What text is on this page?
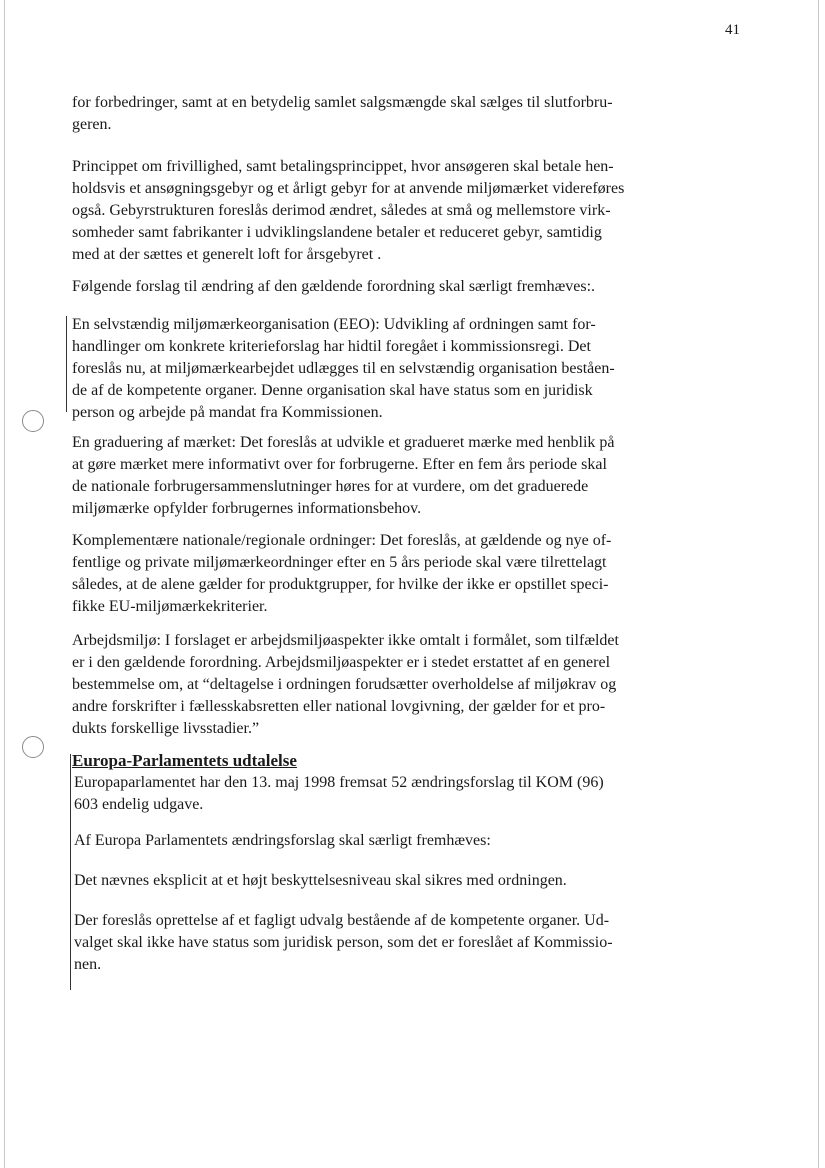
41

for forbedringer, samt at en betydelig samlet salgsmængde skal sælges til slutforbru-
geren.

Princippet om frivillighed, samt betalingsprincippet, hvor ansøgeren skal betale hen-
holdsvis et ansøgningsgebyr og et årligt gebyr for at anvende miljømærket videreføres
også. Gebyrstrukturen foreslås derimod ændret, således at små og mellemstore virk-
somheder samt fabrikanter i udviklingslandene betaler et reduceret gebyr, samtidig
med at der sættes et generelt loft for årsgebyret .

Følgende forslag til ændring af den gældende forordning skal særligt fremhæves:.

En selvstændig miljømærkeorganisation (EEO): Udvikling af ordningen samt for-
handlinger om konkrete kriterieforslag har hidtil foregået i kommissionsregi. Det
foreslås nu, at miljømærkearbejdet udlægges til en selvstændig organisation beståen-
de af de kompetente organer. Denne organisation skal have status som en juridisk
person og arbejde på mandat fra Kommissionen.

En graduering af mærket: Det foreslås at udvikle et gradueret mærke med henblik på
at gøre mærket mere informativt over for forbrugerne. Efter en fem års periode skal
de nationale forbrugersammenslutninger høres for at vurdere, om det graduerede
miljømærke opfylder forbrugernes informationsbehov.

Komplementære nationale/regionale ordninger: Det foreslås, at gældende og nye of-
fentlige og private miljømærkeordninger efter en 5 års periode skal være tilrettelagt
således, at de alene gælder for produktgrupper, for hvilke der ikke er opstillet speci-
fikke EU-miljømærkekriterier.

Arbejdsmiljø: I forslaget er arbejdsmiljøaspekter ikke omtalt i formålet, som tilfældet
er i den gældende forordning. Arbejdsmiljøaspekter er i stedet erstattet af en generel
bestemmelse om, at “deltagelse i ordningen forudsætter overholdelse af miljøkrav og
andre forskrifter i fællesskabsretten eller national lovgivning, der gælder for et pro-
dukts forskellige livsstadier.”

Europa-Parlamentets udtalelse

Europaparlamentet har den 13. maj 1998 fremsat 52 ændringsforslag til KOM (96)
603 endelig udgave.

Af Europa Parlamentets ændringsforslag skal særligt fremhæves:

Det nævnes eksplicit at et højt beskyttelsesniveau skal sikres med ordningen.

Der foreslås oprettelse af et fagligt udvalg bestående af de kompetente organer. Ud-
valget skal ikke have status som juridisk person, som det er foreslået af Kommissio-
nen.
